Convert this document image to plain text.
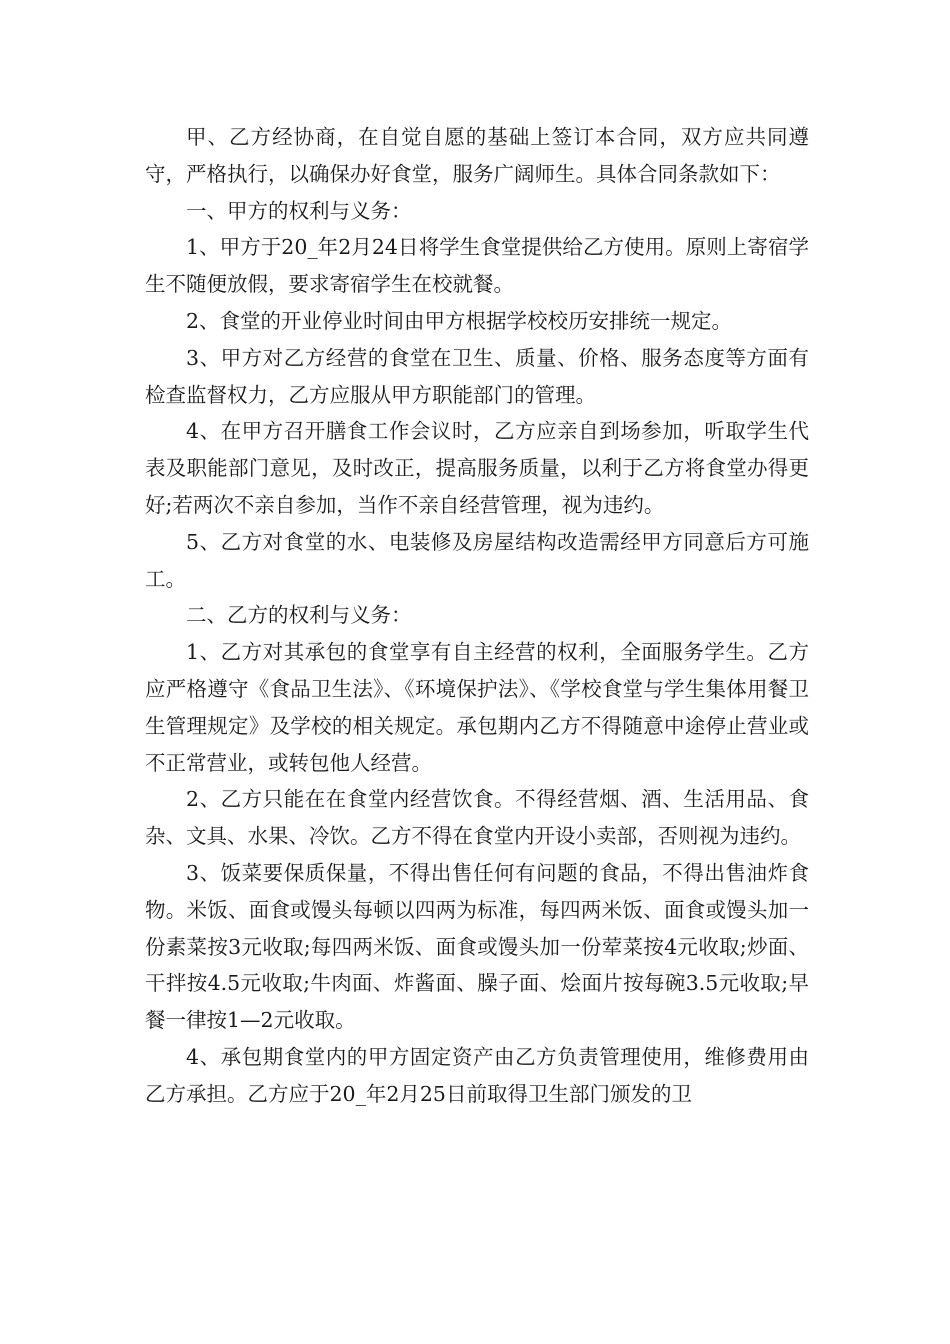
甲、乙方经协商，在自觉自愿的基础上签订本合同，双方应共同遵守，严格执行，以确保办好食堂，服务广阔师生。具体合同条款如下：

一、甲方的权利与义务：

1、甲方于20_年2月24日将学生食堂提供给乙方使用。原则上寄宿学生不随便放假，要求寄宿学生在校就餐。

2、食堂的开业停业时间由甲方根据学校校历安排统一规定。

3、甲方对乙方经营的食堂在卫生、质量、价格、服务态度等方面有检查监督权力，乙方应服从甲方职能部门的管理。

4、在甲方召开膳食工作会议时，乙方应亲自到场参加，听取学生代表及职能部门意见，及时改正，提高服务质量，以利于乙方将食堂办得更好;若两次不亲自参加，当作不亲自经营管理，视为违约。

5、乙方对食堂的水、电装修及房屋结构改造需经甲方同意后方可施工。

二、乙方的权利与义务：

1、乙方对其承包的食堂享有自主经营的权利，全面服务学生。乙方应严格遵守《食品卫生法》、《环境保护法》、《学校食堂与学生集体用餐卫生管理规定》及学校的相关规定。承包期内乙方不得随意中途停止营业或不正常营业，或转包他人经营。

2、乙方只能在在食堂内经营饮食。不得经营烟、酒、生活用品、食杂、文具、水果、冷饮。乙方不得在食堂内开设小卖部，否则视为违约。

3、饭菜要保质保量，不得出售任何有问题的食品，不得出售油炸食物。米饭、面食或馒头每顿以四两为标准，每四两米饭、面食或馒头加一份素菜按3元收取;每四两米饭、面食或馒头加一份荤菜按4元收取;炒面、干拌按4.5元收取;牛肉面、炸酱面、臊子面、烩面片按每碗3.5元收取;早餐一律按1—2元收取。

4、承包期食堂内的甲方固定资产由乙方负责管理使用，维修费用由乙方承担。乙方应于20_年2月25日前取得卫生部门颁发的卫
